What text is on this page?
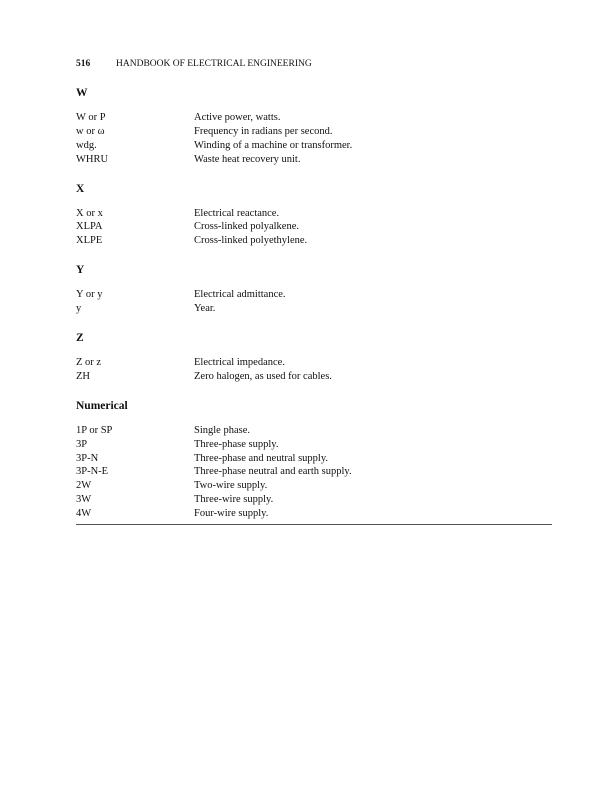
516	HANDBOOK OF ELECTRICAL ENGINEERING
W
W or P	Active power, watts.
w or ω	Frequency in radians per second.
wdg.	Winding of a machine or transformer.
WHRU	Waste heat recovery unit.
X
X or x	Electrical reactance.
XLPA	Cross-linked polyalkene.
XLPE	Cross-linked polyethylene.
Y
Y or y	Electrical admittance.
y	Year.
Z
Z or z	Electrical impedance.
ZH	Zero halogen, as used for cables.
Numerical
1P or SP	Single phase.
3P	Three-phase supply.
3P-N	Three-phase and neutral supply.
3P-N-E	Three-phase neutral and earth supply.
2W	Two-wire supply.
3W	Three-wire supply.
4W	Four-wire supply.
